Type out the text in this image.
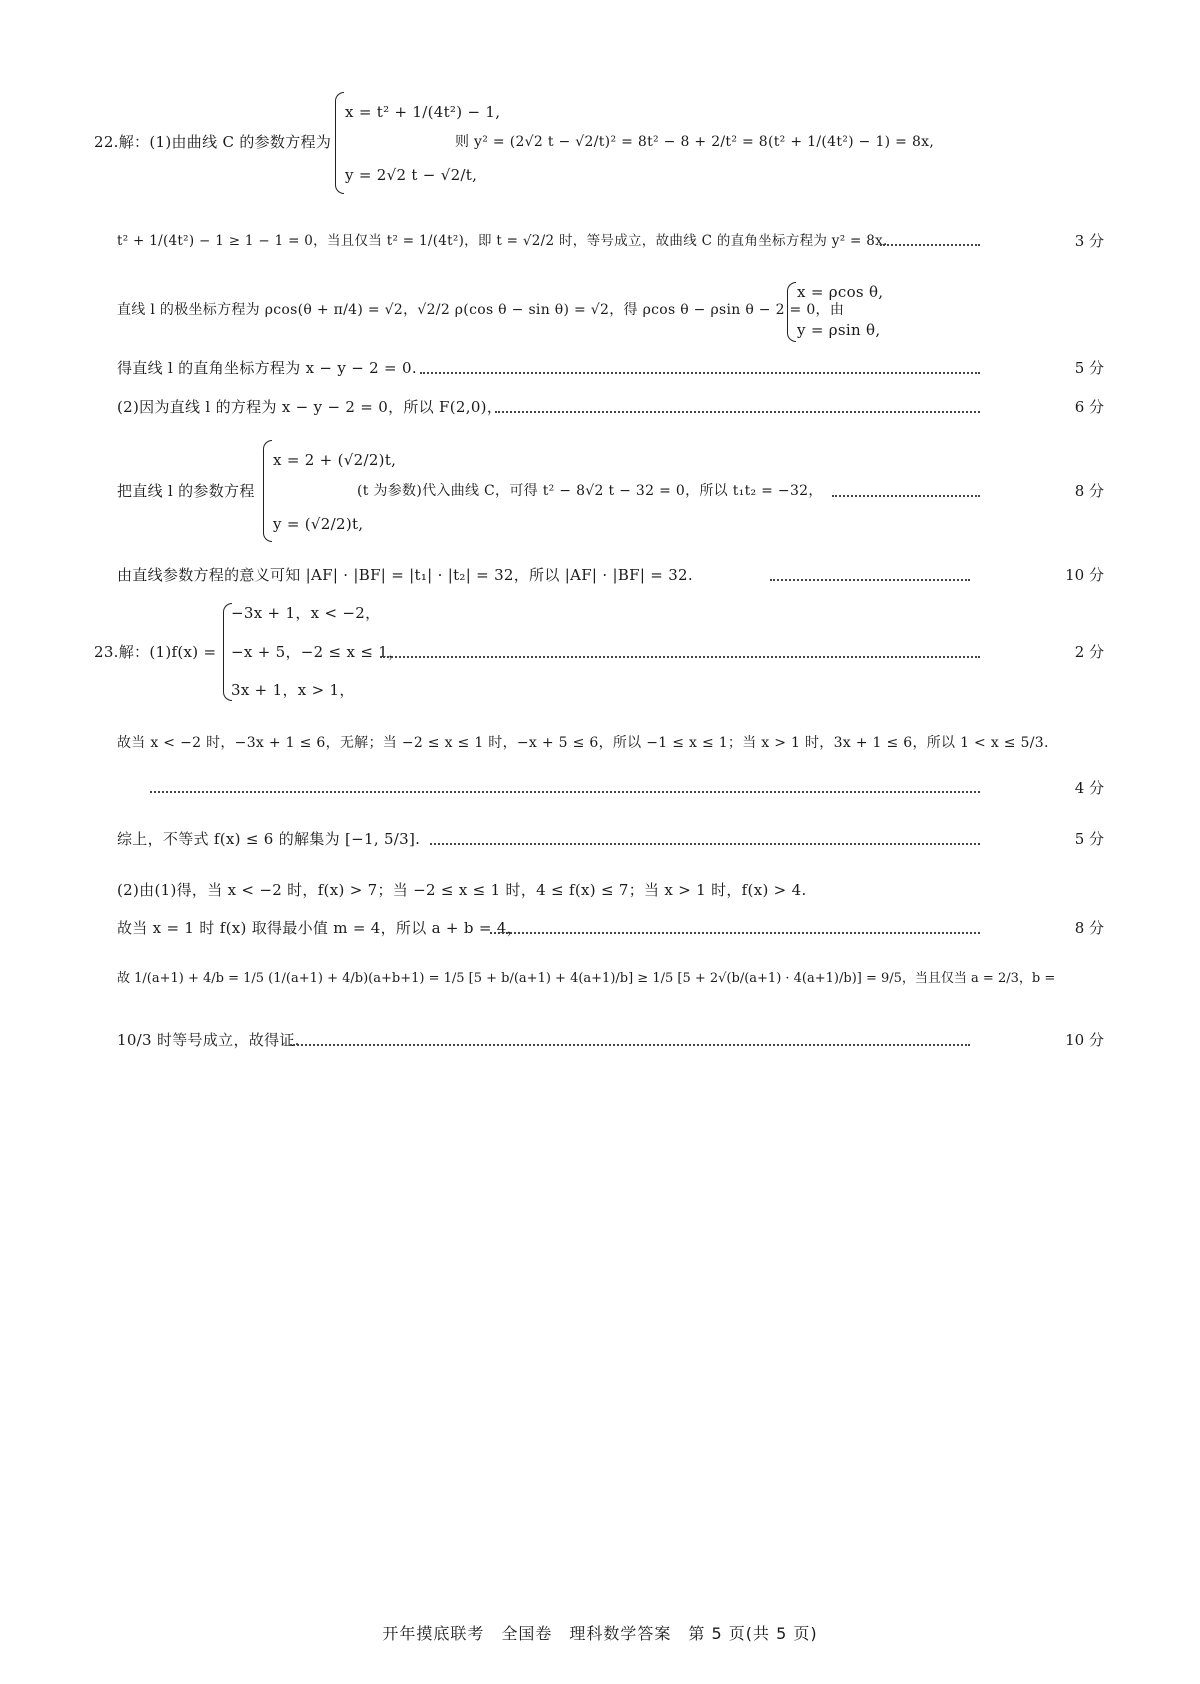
22.解：(1)由曲线 C 的参数方程为
x = t² + 1/(4t²) − 1,
y = 2√2 t − √2/t,
则 y² = (2√2 t − √2/t)² = 8t² − 8 + 2/t² = 8(t² + 1/(4t²) − 1) = 8x,
t² + 1/(4t²) − 1 ≥ 1 − 1 = 0，当且仅当 t² = 1/(4t²)，即 t = √2/2 时，等号成立，故曲线 C 的直角坐标方程为 y² = 8x.	3 分
直线 l 的极坐标方程为 ρcos(θ + π/4) = √2，√2/2 ρ(cos θ − sin θ) = √2，得 ρcos θ − ρsin θ − 2 = 0，由
x = ρcos θ,
y = ρsin θ,
得直线 l 的直角坐标方程为 x − y − 2 = 0.	5 分
(2)因为直线 l 的方程为 x − y − 2 = 0，所以 F(2,0)，	6 分
把直线 l 的参数方程
x = 2 + (√2/2)t,
y = (√2/2)t,
(t 为参数)代入曲线 C，可得 t² − 8√2 t − 32 = 0，所以 t₁t₂ = −32，	8 分
由直线参数方程的意义可知 |AF| · |BF| = |t₁| · |t₂| = 32，所以 |AF| · |BF| = 32.	10 分
−3x + 1，x < −2，
23.解：(1)f(x) = −x + 5，−2 ≤ x ≤ 1，	2 分
3x + 1，x > 1，
故当 x < −2 时，−3x + 1 ≤ 6，无解；当 −2 ≤ x ≤ 1 时，−x + 5 ≤ 6，所以 −1 ≤ x ≤ 1；当 x > 1 时，3x + 1 ≤ 6，所以 1 < x ≤ 5/3.
4 分
综上，不等式 f(x) ≤ 6 的解集为 [−1, 5/3].	5 分
(2)由(1)得，当 x < −2 时，f(x) > 7；当 −2 ≤ x ≤ 1 时，4 ≤ f(x) ≤ 7；当 x > 1 时，f(x) > 4.
故当 x = 1 时 f(x) 取得最小值 m = 4，所以 a + b = 4，	8 分
故 1/(a+1) + 4/b = 1/5 (1/(a+1) + 4/b)(a+b+1) = 1/5 [5 + b/(a+1) + 4(a+1)/b] ≥ 1/5 [5 + 2√(b/(a+1) · 4(a+1)/b)] = 9/5，当且仅当 a = 2/3，b =
10/3 时等号成立，故得证.	10 分
开年摸底联考　全国卷　理科数学答案　第 5 页(共 5 页)
